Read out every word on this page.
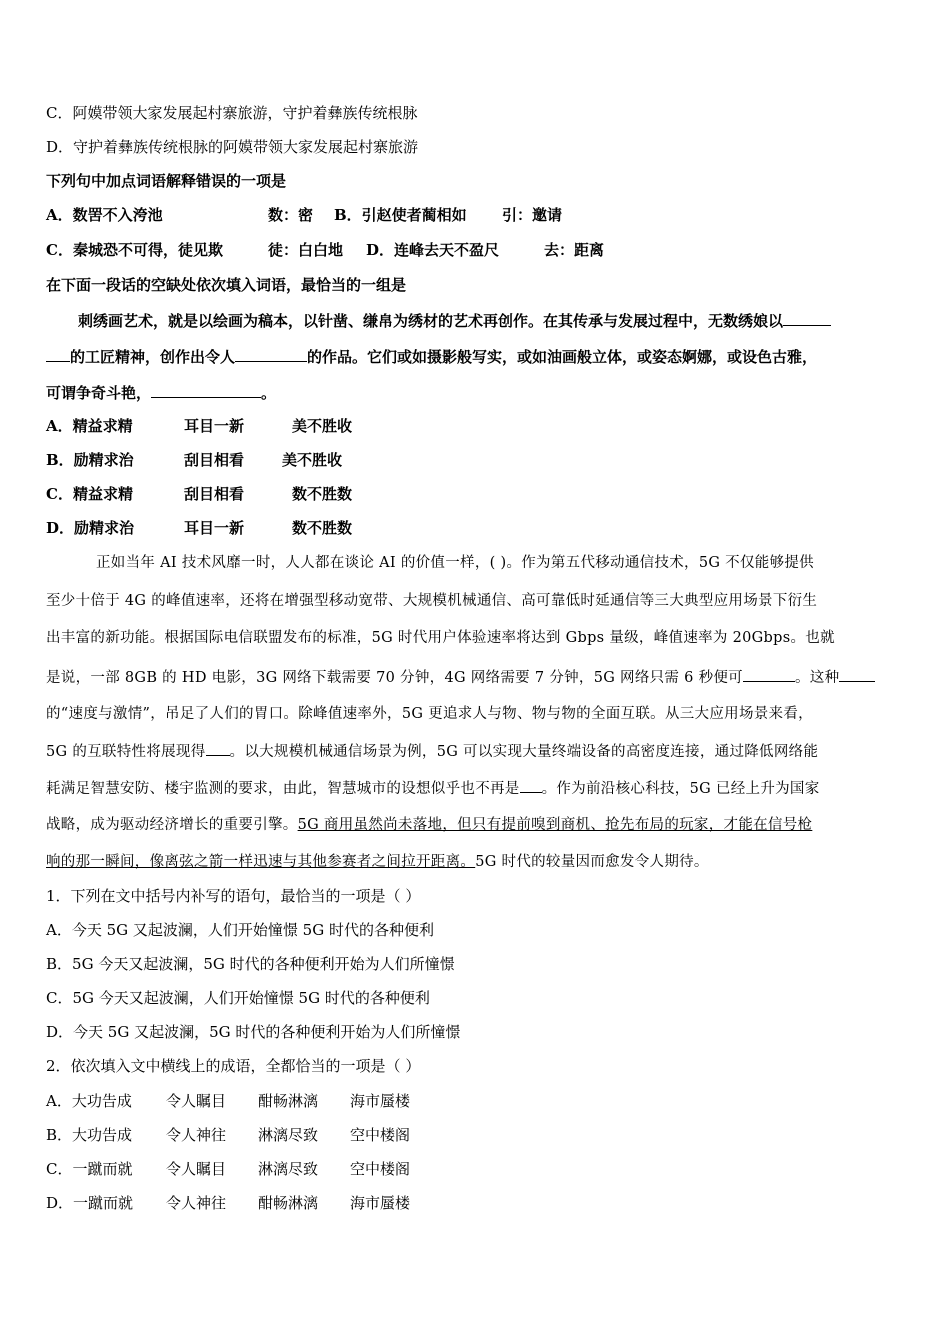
C．阿嫫带领大家发展起村寨旅游，守护着彝族传统根脉
D．守护着彝族传统根脉的阿嫫带领大家发展起村寨旅游
下列句中加点词语解释错误的一项是
A．数罟不入洿池	数：密 B．引赵使者蔺相如 引：邀请
C．秦城恐不可得，徒见欺	徒：白白地 D．连峰去天不盈尺	去：距离
在下面一段话的空缺处依次填入词语，最恰当的一组是
刺绣画艺术，就是以绘画为稿本，以针凿、缣帛为绣材的艺术再创作。在其传承与发展过程中，无数绣娘以
的工匠精神，创作出令人	的作品。它们或如摄影般写实，或如油画般立体，或姿态婀娜，或设色古雅，
可谓争奇斗艳，	。
A．精益求精	耳目一新	美不胜收
B．励精求治	刮目相看	美不胜收
C．精益求精	刮目相看	数不胜数
D．励精求治	耳目一新	数不胜数
正如当年 AI 技术风靡一时，人人都在谈论 AI 的价值一样，( )。作为第五代移动通信技术，5G 不仅能够提供
至少十倍于 4G 的峰值速率，还将在增强型移动宽带、大规模机械通信、高可靠低时延通信等三大典型应用场景下衍生
出丰富的新功能。根据国际电信联盟发布的标准，5G 时代用户体验速率将达到 Gbps 量级，峰值速率为 20Gbps。也就
是说，一部 8GB 的 HD 电影，3G 网络下载需要 70 分钟，4G 网络需要 7 分钟，5G 网络只需 6 秒便可	。这种
的“速度与激情”，吊足了人们的胃口。除峰值速率外，5G 更追求人与物、物与物的全面互联。从三大应用场景来看，
5G 的互联特性将展现得 。以大规模机械通信场景为例，5G 可以实现大量终端设备的高密度连接，通过降低网络能
耗满足智慧安防、楼宇监测的要求，由此，智慧城市的设想似乎也不再是 。作为前沿核心科技，5G 已经上升为国家
战略，成为驱动经济增长的重要引擎。5G 商用虽然尚未落地，但只有提前嗅到商机、抢先布局的玩家，才能在信号枪
响的那一瞬间，像离弦之箭一样迅速与其他参赛者之间拉开距离。5G 时代的较量因而愈发令人期待。
1．下列在文中括号内补写的语句，最恰当的一项是（ ）
A．今天 5G 又起波澜，人们开始憧憬 5G 时代的各种便利
B．5G 今天又起波澜，5G 时代的各种便利开始为人们所憧憬
C．5G 今天又起波澜，人们开始憧憬 5G 时代的各种便利
D．今天 5G 又起波澜，5G 时代的各种便利开始为人们所憧憬
2．依次填入文中横线上的成语，全都恰当的一项是（ ）
A．大功告成 令人瞩目 酣畅淋漓 海市蜃楼
B．大功告成 令人神往 淋漓尽致 空中楼阁
C．一蹴而就 令人瞩目 淋漓尽致 空中楼阁
D．一蹴而就 令人神往 酣畅淋漓 海市蜃楼
